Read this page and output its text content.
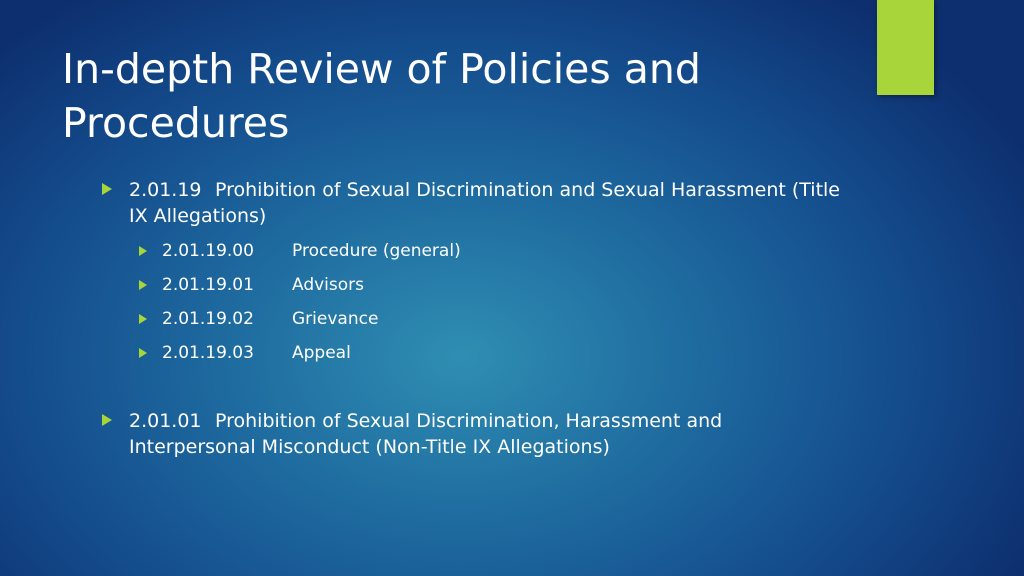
In-depth Review of Policies and Procedures
2.01.19 Prohibition of Sexual Discrimination and Sexual Harassment (Title IX Allegations)
2.01.19.00 Procedure (general)
2.01.19.01 Advisors
2.01.19.02 Grievance
2.01.19.03 Appeal
2.01.01 Prohibition of Sexual Discrimination, Harassment and Interpersonal Misconduct (Non-Title IX Allegations)
